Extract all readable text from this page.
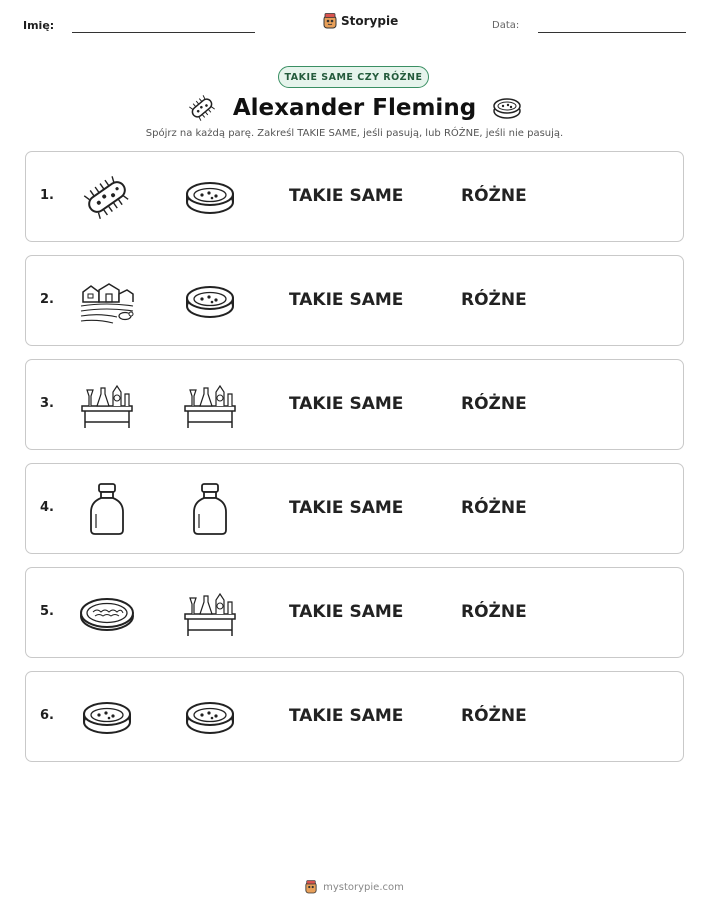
Imię:	Storypie	Data:
TAKIE SAME CZY RÓŻNE
Alexander Fleming
Spójrz na każdą parę. Zakreśl TAKIE SAME, jeśli pasują, lub RÓŻNE, jeśli nie pasują.
1.	TAKIE SAME	RÓŻNE
2.	TAKIE SAME	RÓŻNE
3.	TAKIE SAME	RÓŻNE
4.	TAKIE SAME	RÓŻNE
5.	TAKIE SAME	RÓŻNE
6.	TAKIE SAME	RÓŻNE
mystorypie.com
